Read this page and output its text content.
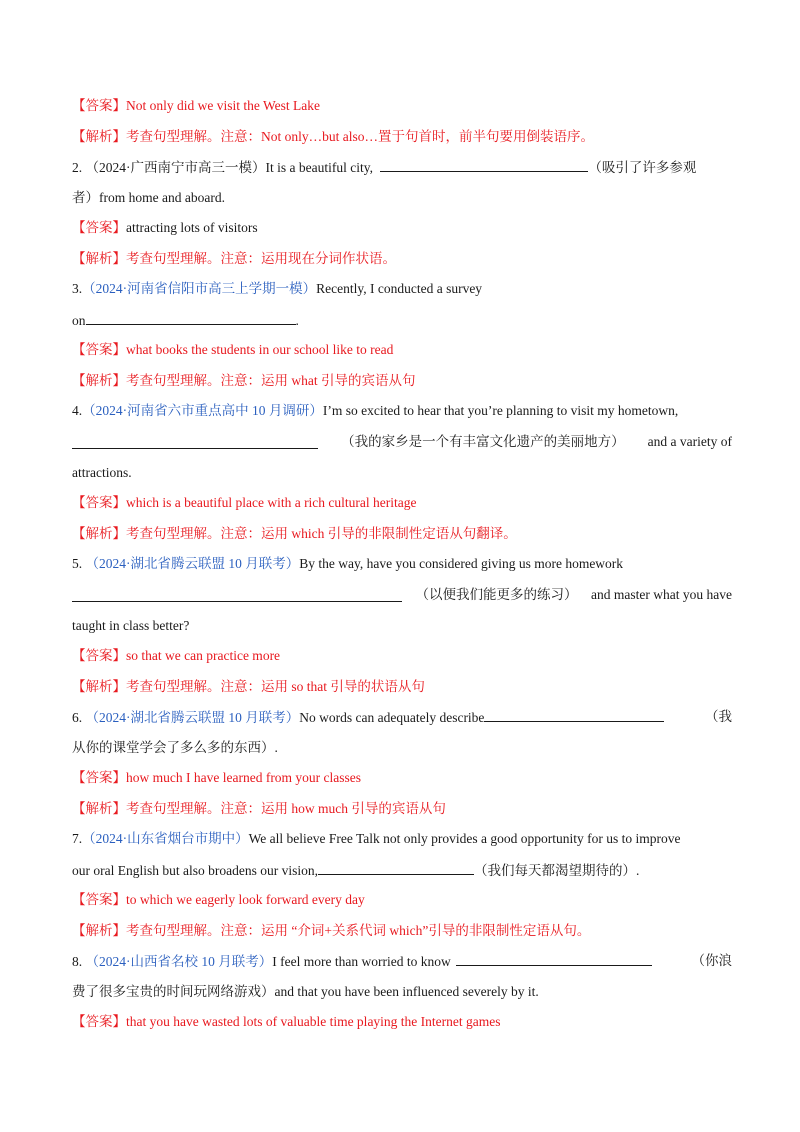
【答案】Not only did we visit the West Lake
【解析】考查句型理解。注意：Not only…but also…置于句首时，前半句要用倒装语序。
2. （2024·广西南宁市高三一模）It is a beautiful city,	（吸引了许多参观
者）from home and aboard.
【答案】attracting lots of visitors
【解析】考查句型理解。注意：运用现在分词作状语。
3.（2024·河南省信阳市高三上学期一模）Recently, I conducted a survey
on	.
【答案】what books the students in our school like to read
【解析】考查句型理解。注意：运用 what 引导的宾语从句
4.（2024·河南省六市重点高中 10 月调研）I’m so excited to hear that you’re planning to visit my hometown,
（我的家乡是一个有丰富文化遗产的美丽地方） and a variety of
attractions.
【答案】which is a beautiful place with a rich cultural heritage
【解析】考查句型理解。注意：运用 which 引导的非限制性定语从句翻译。
5. （2024·湖北省腾云联盟 10 月联考）By the way, have you considered giving us more homework
（以便我们能更多的练习） and master what you have
taught in class better?
【答案】so that we can practice more
【解析】考查句型理解。注意：运用 so that 引导的状语从句
6. （2024·湖北省腾云联盟 10 月联考）No words can adequately describe	（我
从你的课堂学会了多么多的东西）.
【答案】how much I have learned from your classes
【解析】考查句型理解。注意：运用 how much 引导的宾语从句
7.（2024·山东省烟台市期中）We all believe Free Talk not only provides a good opportunity for us to improve
our oral English but also broadens our vision,	（我们每天都渴望期待的）.
【答案】to which we eagerly look forward every day
【解析】考查句型理解。注意：运用 “介词+关系代词 which”引导的非限制性定语从句。
8. （2024·山西省名校 10 月联考）I feel more than worried to know	（你浪
费了很多宝贵的时间玩网络游戏）and that you have been influenced severely by it.
【答案】that you have wasted lots of valuable time playing the Internet games
